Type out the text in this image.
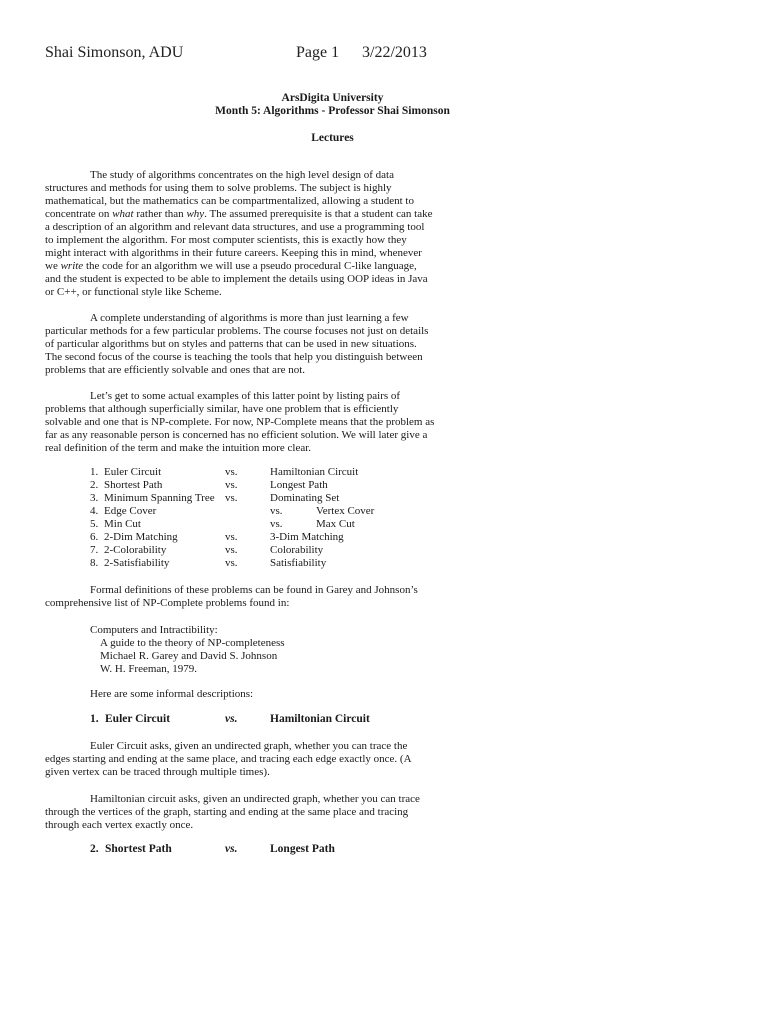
Shai Simonson, ADU	Page 1 3/22/2013
ArsDigita University
Month 5: Algorithms - Professor Shai Simonson
Lectures

The study of algorithms concentrates on the high level design of data structures and methods for using them to solve problems. The subject is highly mathematical, but the mathematics can be compartmentalized, allowing a student to concentrate on what rather than why. The assumed prerequisite is that a student can take a description of an algorithm and relevant data structures, and use a programming tool to implement the algorithm. For most computer scientists, this is exactly how they might interact with algorithms in their future careers. Keeping this in mind, whenever we write the code for an algorithm we will use a pseudo procedural C-like language, and the student is expected to be able to implement the details using OOP ideas in Java or C++, or functional style like Scheme.

A complete understanding of algorithms is more than just learning a few particular methods for a few particular problems. The course focuses not just on details of particular algorithms but on styles and patterns that can be used in new situations. The second focus of the course is teaching the tools that help you distinguish between problems that are efficiently solvable and ones that are not.

Let’s get to some actual examples of this latter point by listing pairs of problems that although superficially similar, have one problem that is efficiently solvable and one that is NP-complete. For now, NP-Complete means that the problem as far as any reasonable person is concerned has no efficient solution. We will later give a real definition of the term and make the intuition more clear.

1. Euler Circuit	vs.	Hamiltonian Circuit
2. Shortest Path	vs.	Longest Path
3. Minimum Spanning Tree vs.	Dominating Set
4. Edge Cover	vs.	Vertex Cover
5. Min Cut	vs.	Max Cut
6. 2-Dim Matching	vs.	3-Dim Matching
7. 2-Colorability	vs.	Colorability
8. 2-Satisfiability	vs.	Satisfiability

Formal definitions of these problems can be found in Garey and Johnson’s comprehensive list of NP-Complete problems found in:

Computers and Intractibility:
A guide to the theory of NP-completeness
Michael R. Garey and David S. Johnson
W. H. Freeman, 1979.

Here are some informal descriptions:

1. Euler Circuit	vs.	Hamiltonian Circuit

Euler Circuit asks, given an undirected graph, whether you can trace the edges starting and ending at the same place, and tracing each edge exactly once. (A given vertex can be traced through multiple times).

Hamiltonian circuit asks, given an undirected graph, whether you can trace through the vertices of the graph, starting and ending at the same place and tracing through each vertex exactly once.

2. Shortest Path	vs.	Longest Path
